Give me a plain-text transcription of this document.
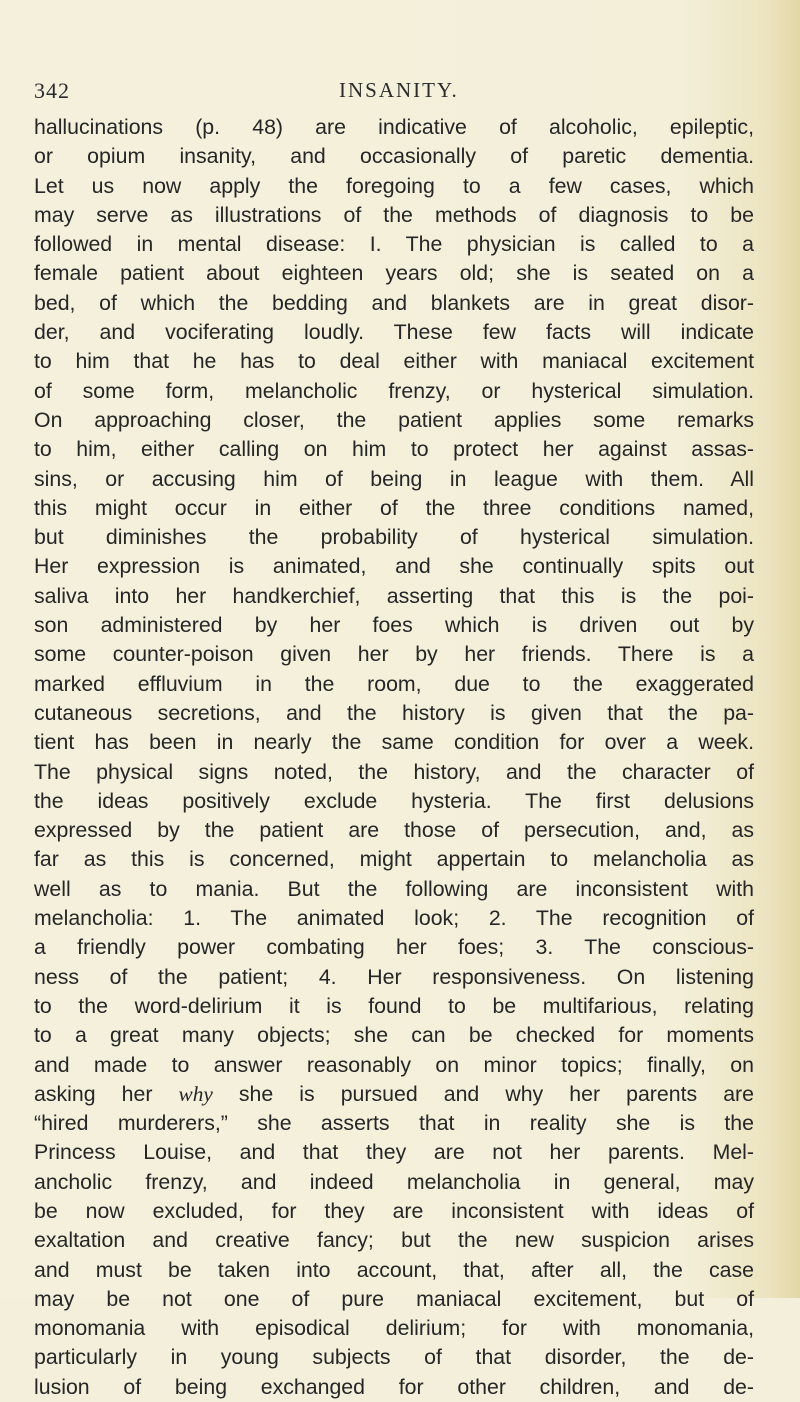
342	INSANITY.
hallucinations (p. 48) are indicative of alcoholic, epileptic,
or opium insanity, and occasionally of paretic dementia.
Let us now apply the foregoing to a few cases, which
may serve as illustrations of the methods of diagnosis to be
followed in mental disease: I. The physician is called to a
female patient about eighteen years old; she is seated on a
bed, of which the bedding and blankets are in great disor-
der, and vociferating loudly. These few facts will indicate
to him that he has to deal either with maniacal excitement
of some form, melancholic frenzy, or hysterical simulation.
On approaching closer, the patient applies some remarks
to him, either calling on him to protect her against assas-
sins, or accusing him of being in league with them. All
this might occur in either of the three conditions named,
but diminishes the probability of hysterical simulation.
Her expression is animated, and she continually spits out
saliva into her handkerchief, asserting that this is the poi-
son administered by her foes which is driven out by
some counter-poison given her by her friends. There is a
marked effluvium in the room, due to the exaggerated
cutaneous secretions, and the history is given that the pa-
tient has been in nearly the same condition for over a week.
The physical signs noted, the history, and the character of
the ideas positively exclude hysteria. The first delusions
expressed by the patient are those of persecution, and, as
far as this is concerned, might appertain to melancholia as
well as to mania. But the following are inconsistent with
melancholia: 1. The animated look; 2. The recognition of
a friendly power combating her foes; 3. The conscious-
ness of the patient; 4. Her responsiveness. On listening
to the word-delirium it is found to be multifarious, relating
to a great many objects; she can be checked for moments
and made to answer reasonably on minor topics; finally, on
asking her why she is pursued and why her parents are
“hired murderers,” she asserts that in reality she is the
Princess Louise, and that they are not her parents. Mel-
ancholic frenzy, and indeed melancholia in general, may
be now excluded, for they are inconsistent with ideas of
exaltation and creative fancy; but the new suspicion arises
and must be taken into account, that, after all, the case
may be not one of pure maniacal excitement, but of
monomania with episodical delirium; for with monomania,
particularly in young subjects of that disorder, the de-
lusion of being exchanged for other children, and de-
